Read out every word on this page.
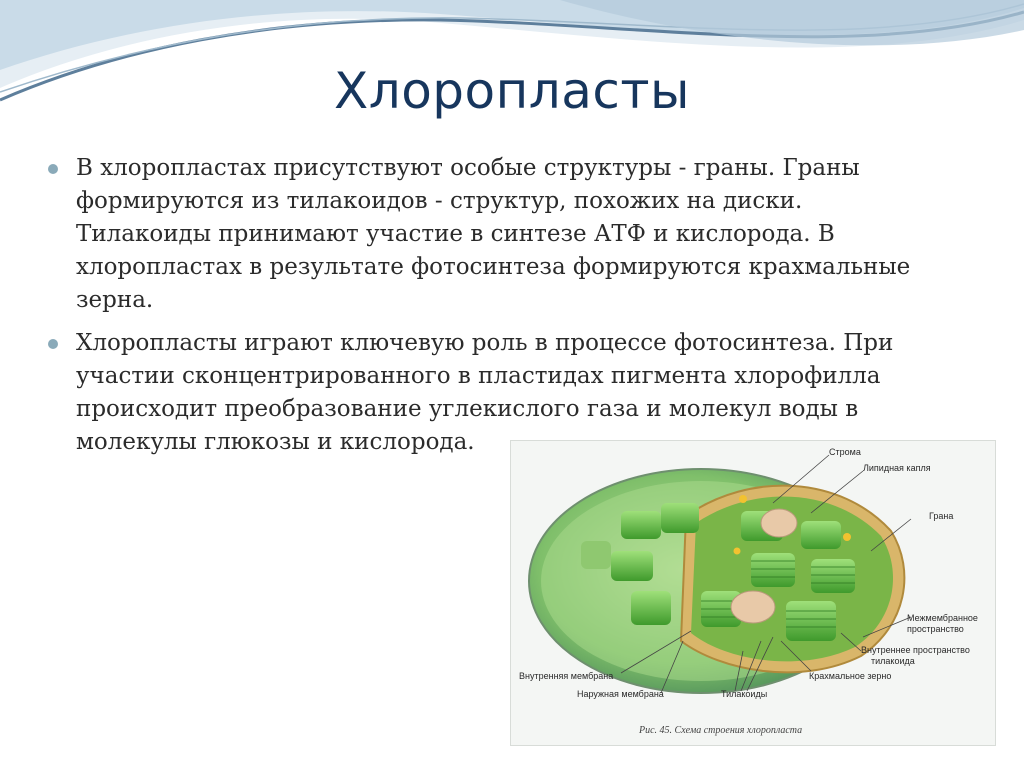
Хлоропласты
В хлоропластах присутствуют особые структуры - граны. Граны формируются из тилакоидов - структур, похожих на диски. Тилакоиды принимают участие в синтезе АТФ и кислорода. В хлоропластах в результате фотосинтеза формируются крахмальные зерна.
Хлоропласты играют ключевую роль в процессе фотосинтеза. При участии сконцентрированного в пластидах пигмента хлорофилла происходит преобразование углекислого газа и молекул воды в молекулы глюкозы и кислорода.	Строма
Липидная капля
Грана
Межмембранное
пространство
Внутреннее пространство
тилакоида
Крахмальное зерно
Внутренняя мембрана
Наружная мембрана	Тилакоиды
Рис. 45. Схема строения хлоропласта
